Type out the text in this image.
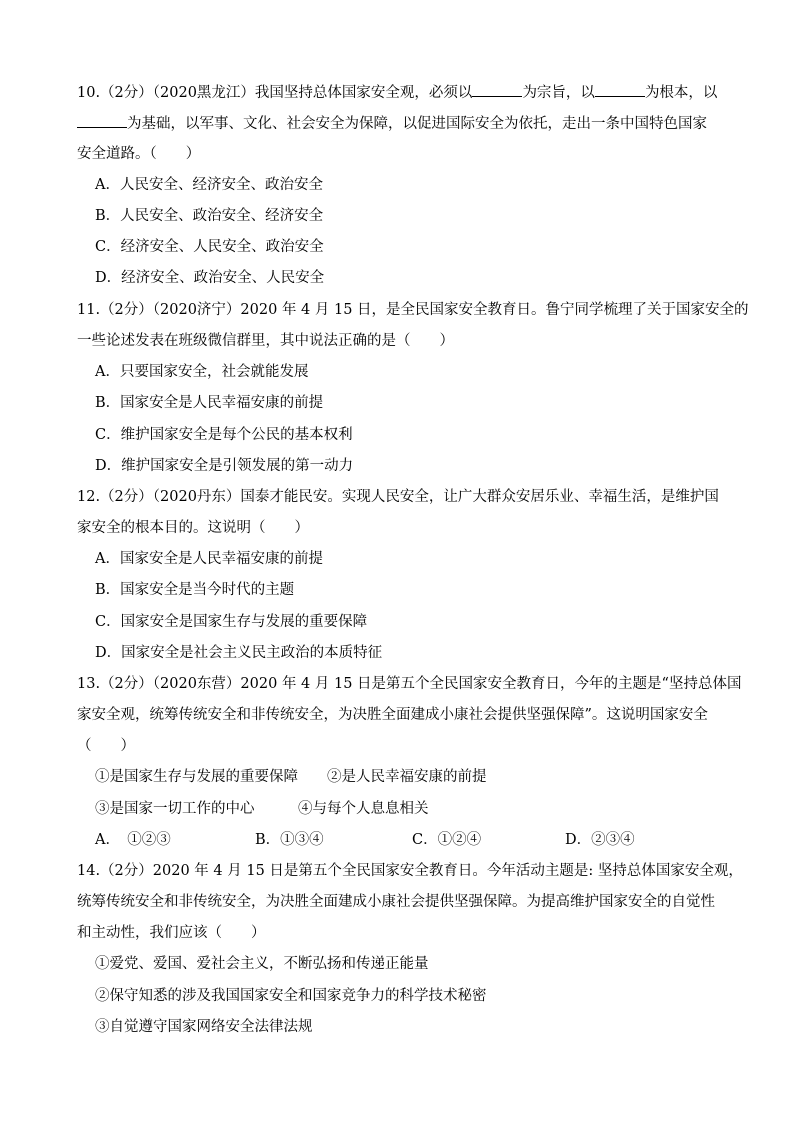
10.（2分）（2020黑龙江）我国坚持总体国家安全观，必须以	为宗旨，以	为根本，以
为基础，以军事、文化、社会安全为保障，以促进国际安全为依托，走出一条中国特色国家
安全道路。（　　）
A．人民安全、经济安全、政治安全
B．人民安全、政治安全、经济安全
C．经济安全、人民安全、政治安全
D．经济安全、政治安全、人民安全
11.（2分）（2020济宁）2020 年 4 月 15 日，是全民国家安全教育日。鲁宁同学梳理了关于国家安全的
一些论述发表在班级微信群里，其中说法正确的是（　　）
A．只要国家安全，社会就能发展
B．国家安全是人民幸福安康的前提
C．维护国家安全是每个公民的基本权利
D．维护国家安全是引领发展的第一动力
12.（2分）（2020丹东）国泰才能民安。实现人民安全，让广大群众安居乐业、幸福生活，是维护国
家安全的根本目的。这说明（　　）
A．国家安全是人民幸福安康的前提
B．国家安全是当今时代的主题
C．国家安全是国家生存与发展的重要保障
D．国家安全是社会主义民主政治的本质特征
13.（2分）（2020东营）2020 年 4 月 15 日是第五个全民国家安全教育日，今年的主题是“坚持总体国
家安全观，统筹传统安全和非传统安全，为决胜全面建成小康社会提供坚强保障”。这说明国家安全
（　　）
①是国家生存与发展的重要保障　　②是人民幸福安康的前提
③是国家一切工作的中心　　　④与每个人息息相关
A．　①②③	B．①③④	C．①②④	D．②③④
14.（2分）2020 年 4 月 15 日是第五个全民国家安全教育日。今年活动主题是: 坚持总体国家安全观，
统筹传统安全和非传统安全，为决胜全面建成小康社会提供坚强保障。为提高维护国家安全的自觉性
和主动性，我们应该（　　）
①爱党、爱国、爱社会主义，不断弘扬和传递正能量
②保守知悉的涉及我国国家安全和国家竞争力的科学技术秘密
③自觉遵守国家网络安全法律法规
